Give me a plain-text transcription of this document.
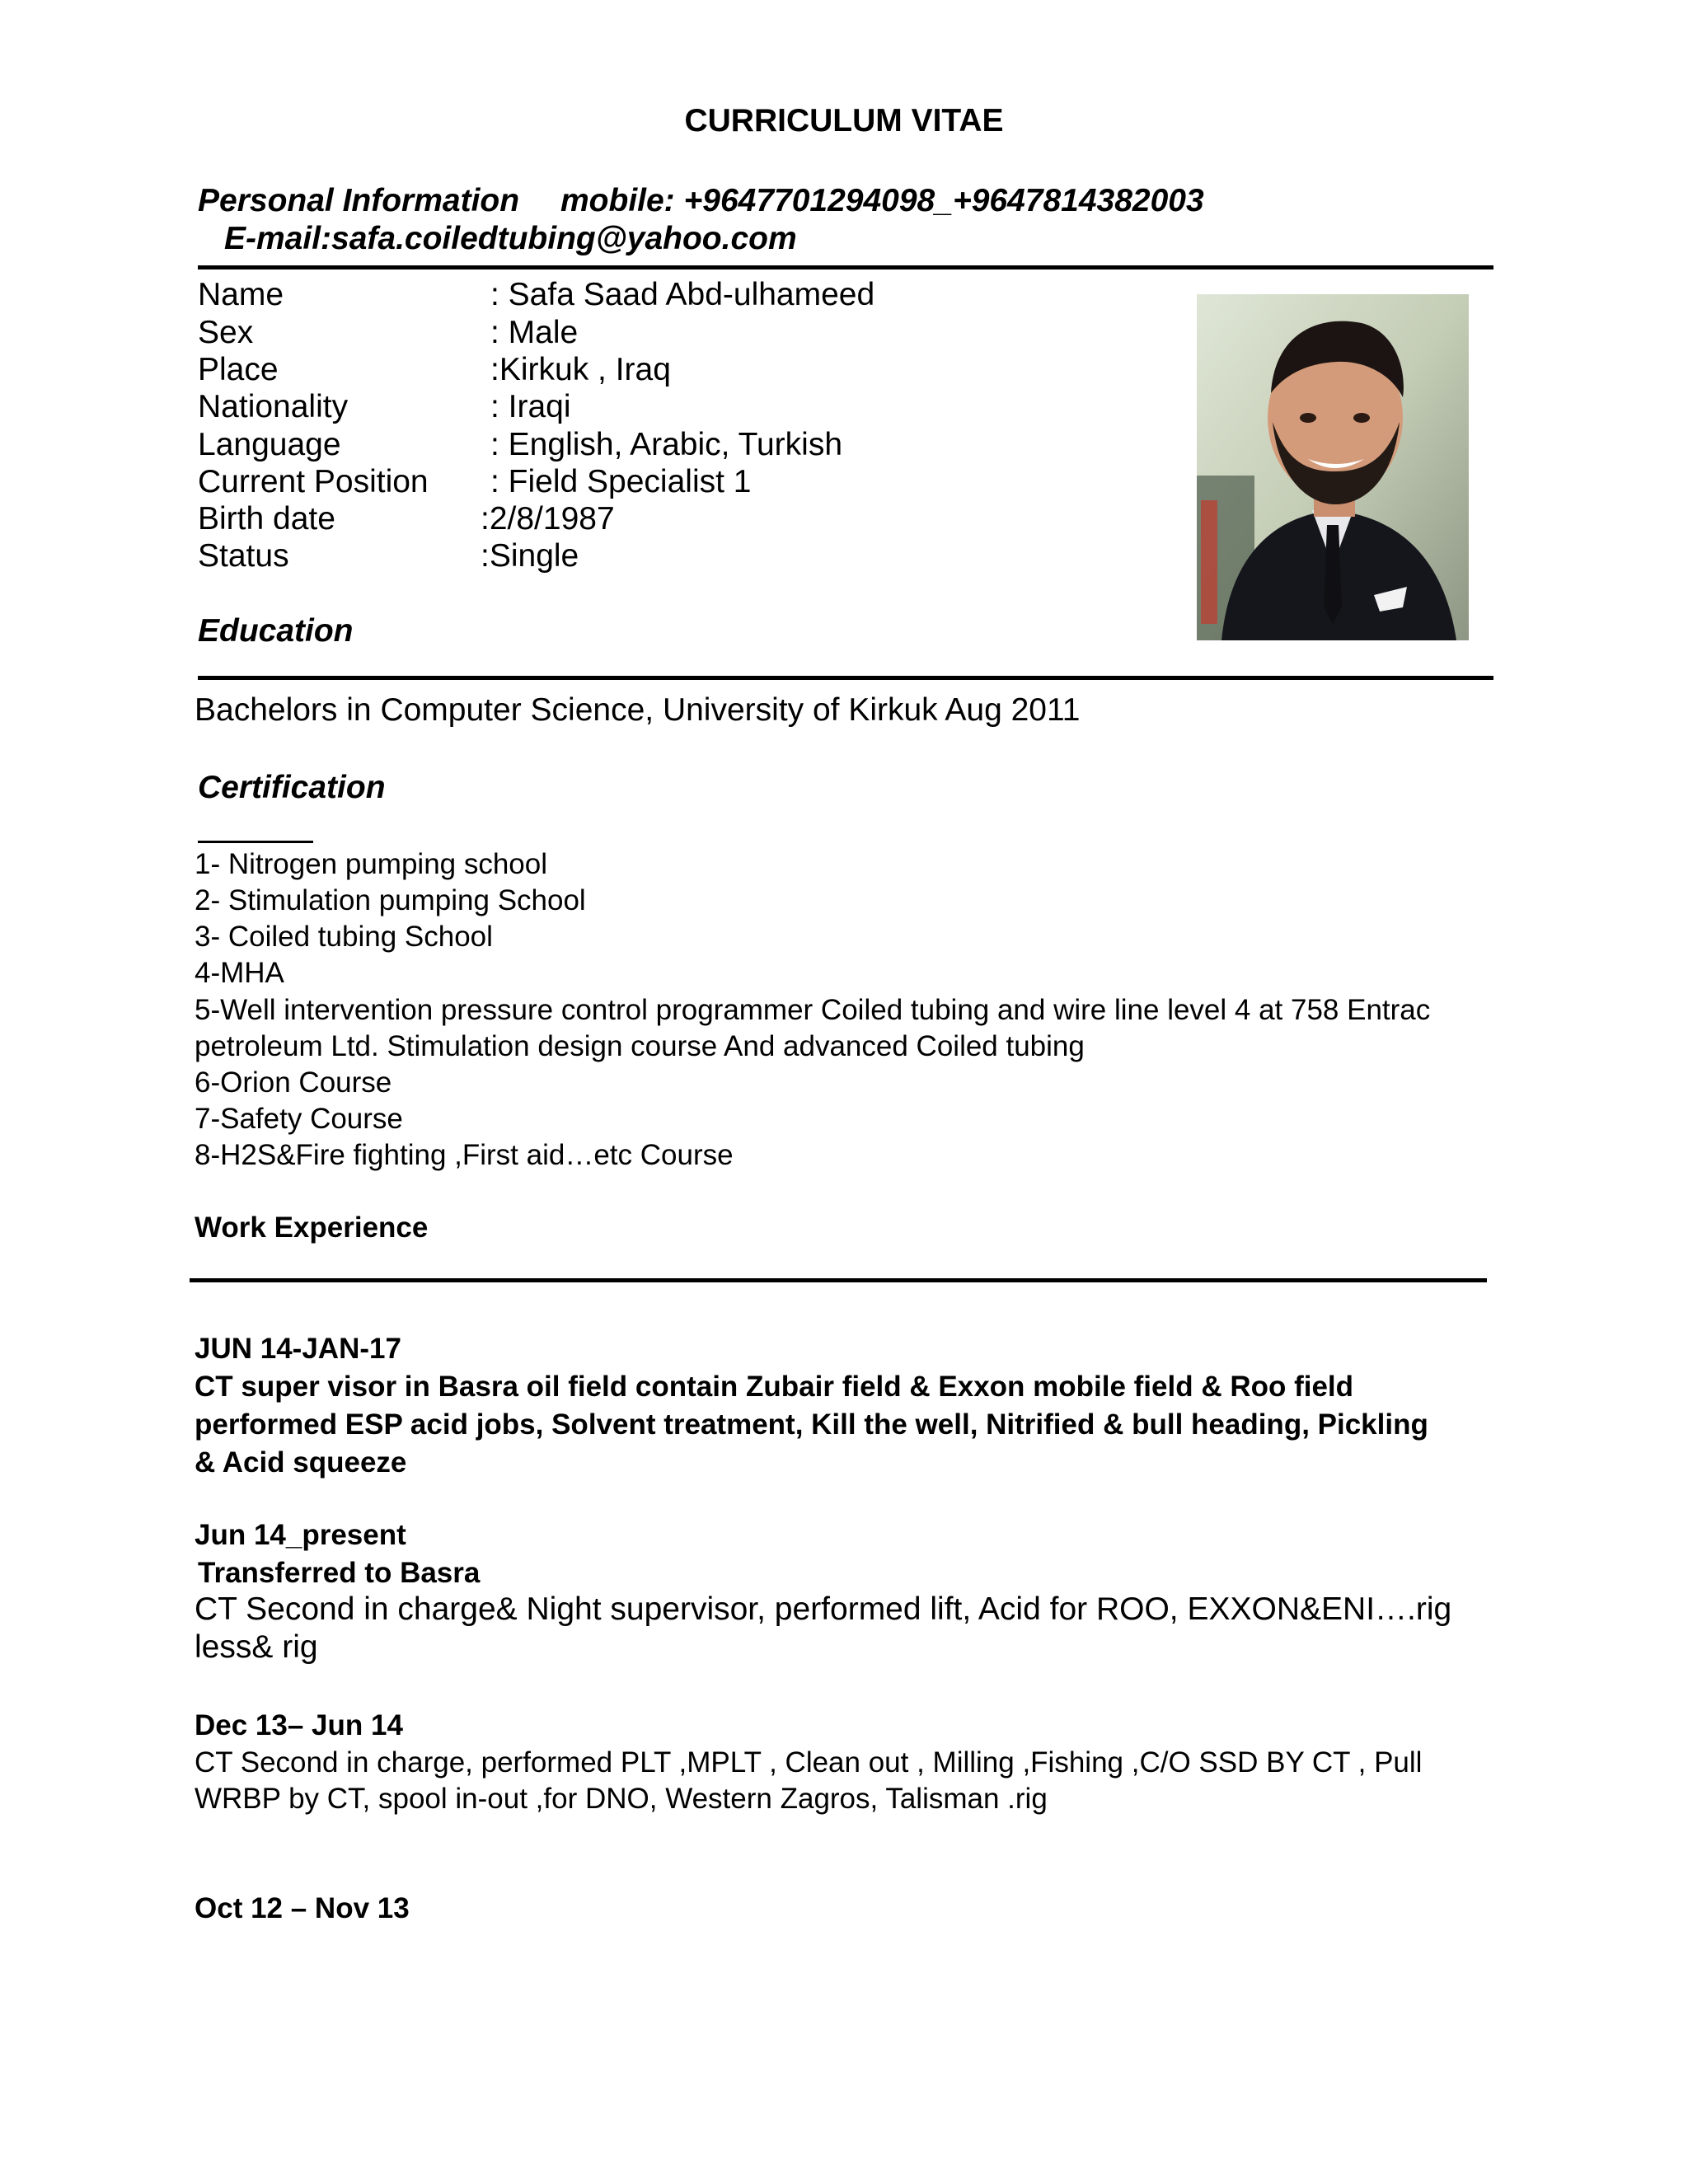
CURRICULUM VITAE
Personal Information mobile: +9647701294098_+9647814382003
E-mail:safa.coiledtubing@yahoo.com
Name	: Safa Saad Abd-ulhameed
Sex	: Male
Place	:Kirkuk , Iraq
Nationality	: Iraqi
Language	: English, Arabic, Turkish
Current Position : Field Specialist 1
Birth date	:2/8/1987
Status	:Single
Education
Bachelors in Computer Science, University of Kirkuk Aug 2011
Certification
1- Nitrogen pumping school
2- Stimulation pumping School
3- Coiled tubing School
4-MHA
5-Well intervention pressure control programmer Coiled tubing and wire line level 4 at 758 Entrac
petroleum Ltd. Stimulation design course And advanced Coiled tubing
6-Orion Course
7-Safety Course
8-H2S&Fire fighting ,First aid…etc Course
Work Experience
JUN 14-JAN-17
CT super visor in Basra oil field contain Zubair field & Exxon mobile field & Roo field
performed ESP acid jobs, Solvent treatment, Kill the well, Nitrified & bull heading, Pickling
& Acid squeeze
Jun 14_present
Transferred to Basra
CT Second in charge& Night supervisor, performed lift, Acid for ROO, EXXON&ENI….rig
less& rig
Dec 13– Jun 14
CT Second in charge, performed PLT ,MPLT , Clean out , Milling ,Fishing ,C/O SSD BY CT , Pull
WRBP by CT, spool in-out ,for DNO, Western Zagros, Talisman .rig
Oct 12 – Nov 13
